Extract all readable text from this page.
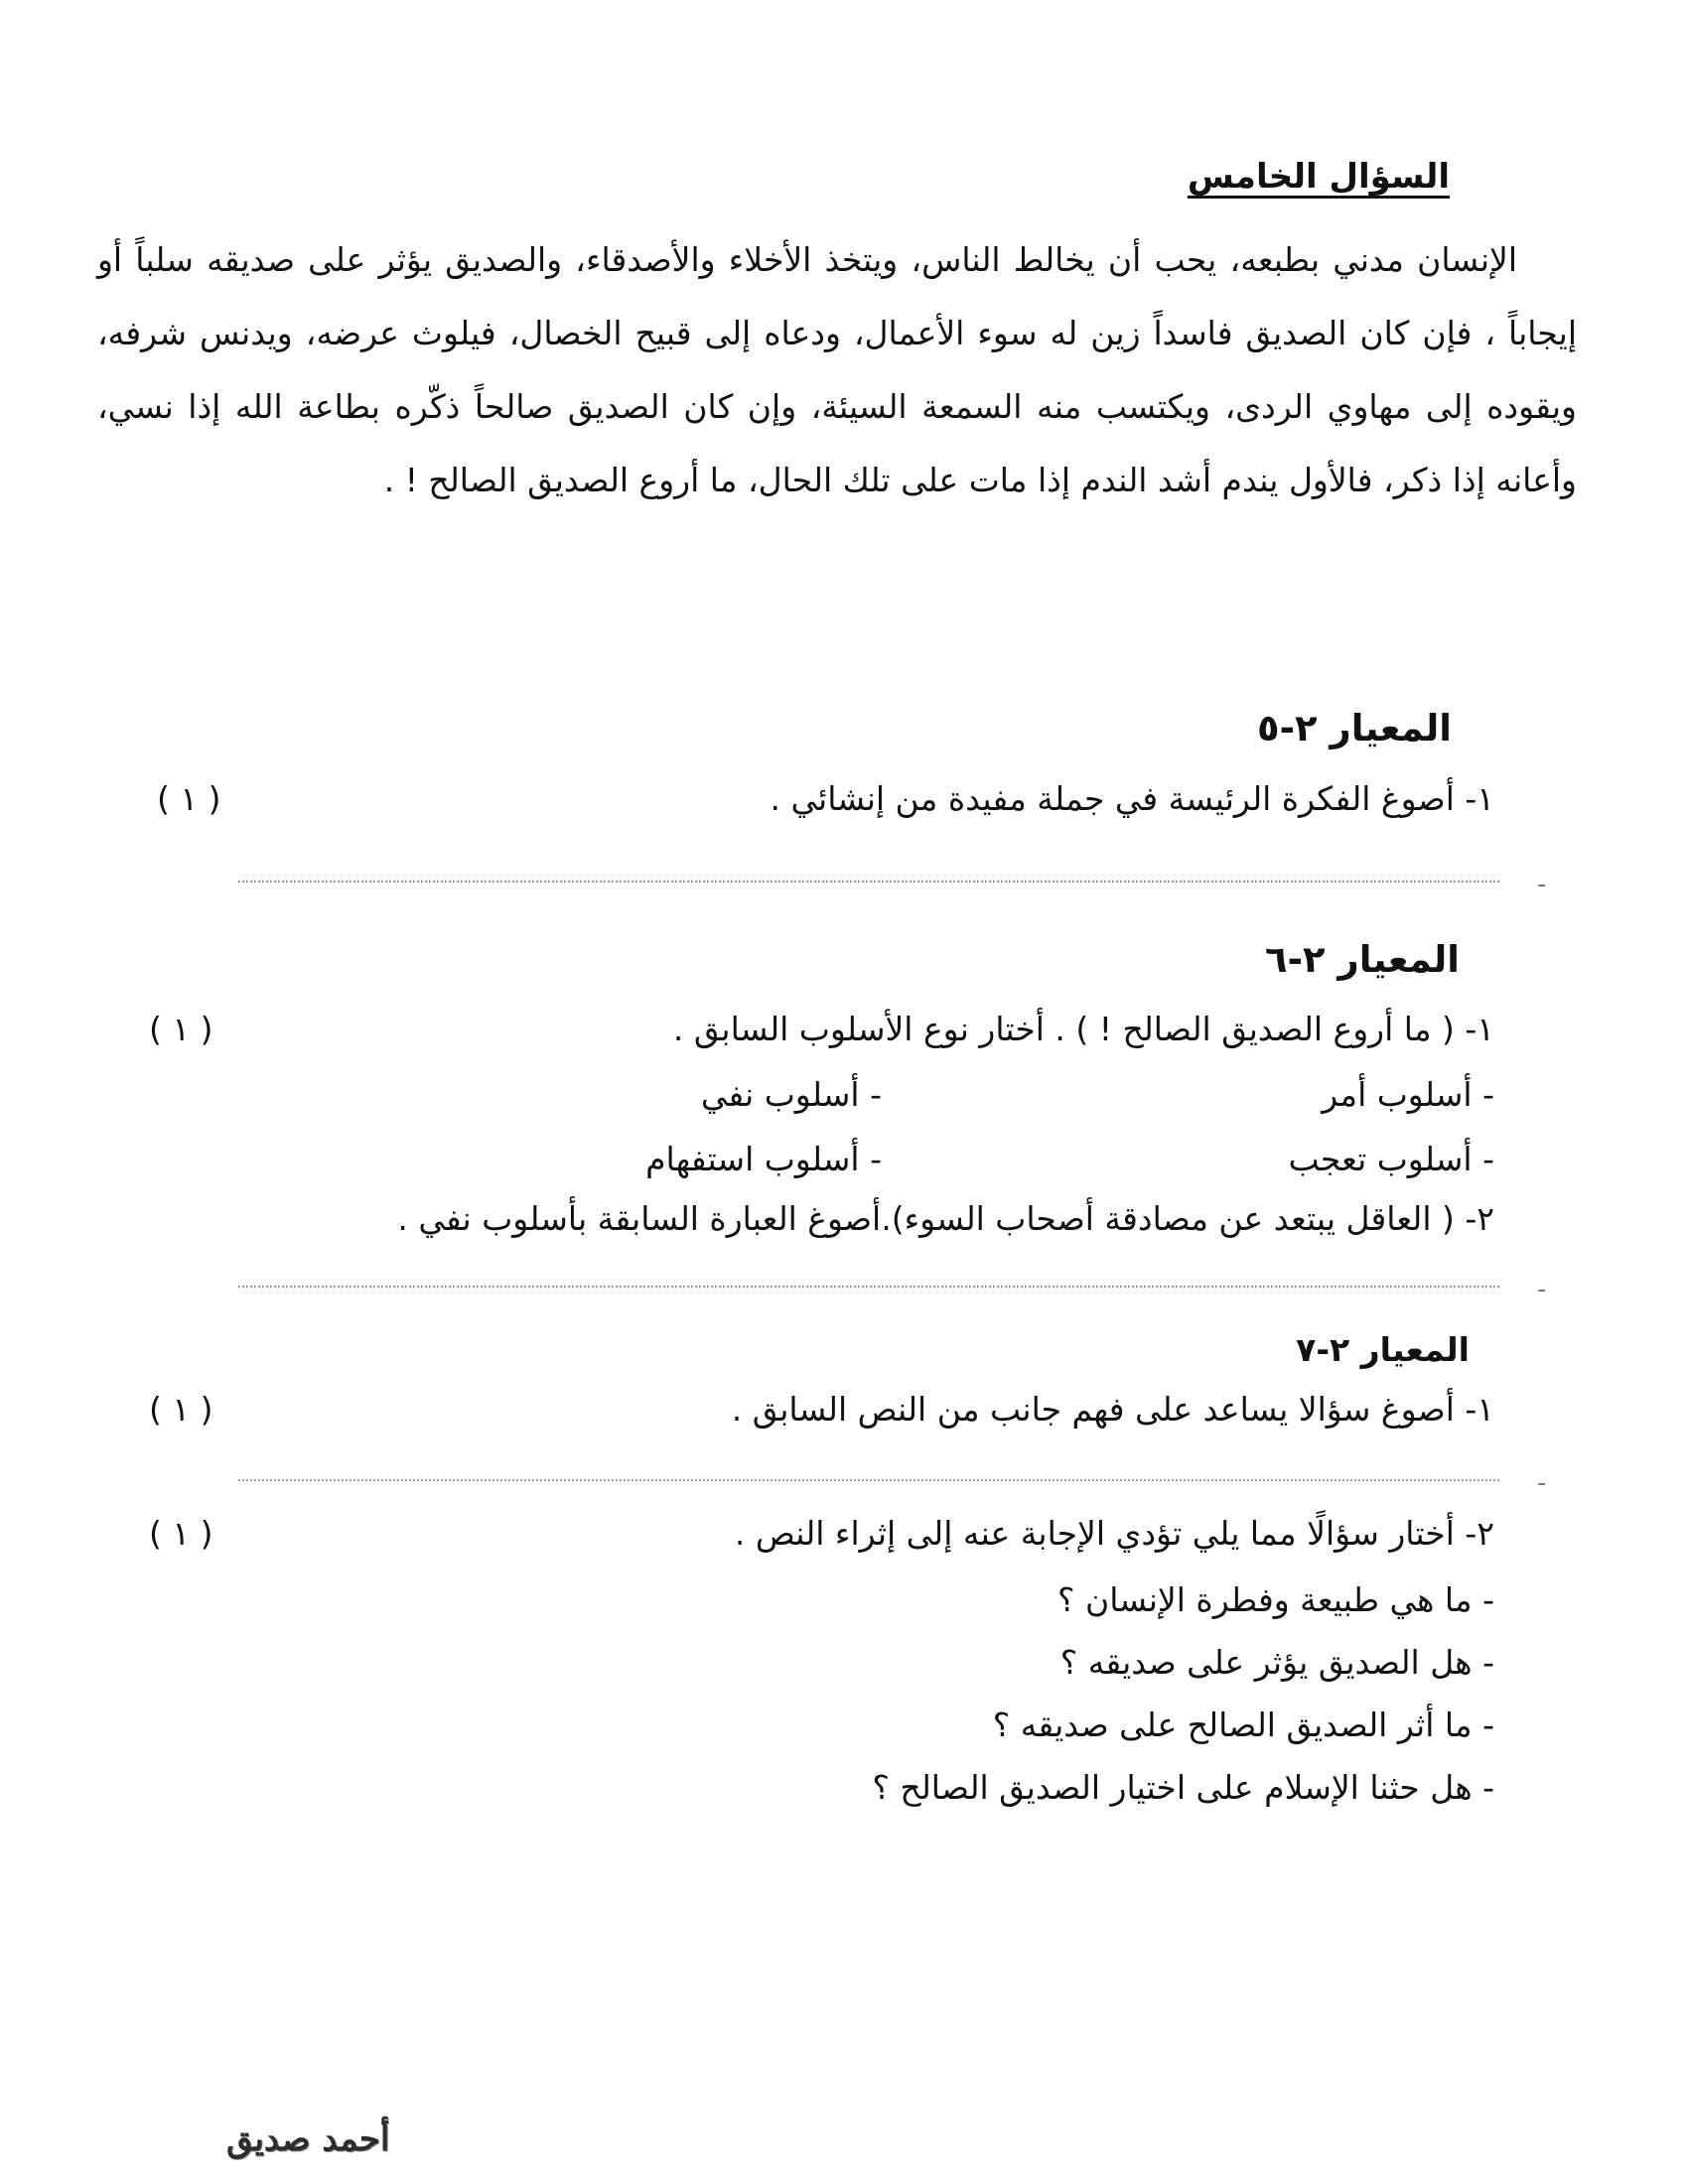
السؤال الخامس
الإنسان مدني بطبعه، يحب أن يخالط الناس، ويتخذ الأخلاء والأصدقاء، والصديق يؤثر على صديقه سلباً أو إيجاباً ، فإن كان الصديق فاسداً زين له سوء الأعمال، ودعاه إلى قبيح الخصال، فيلوث عرضه، ويدنس شرفه، ويقوده إلى مهاوي الردى، ويكتسب منه السمعة السيئة، وإن كان الصديق صالحاً ذكّره بطاعة الله إذا نسي، وأعانه إذا ذكر، فالأول يندم أشد الندم إذا مات على تلك الحال، ما أروع الصديق الصالح ! .
المعيار ٢-٥
١- أصوغ الفكرة الرئيسة في جملة مفيدة من إنشائي .
( ١ )
-
المعيار ٢-٦
١- ( ما أروع الصديق الصالح ! ) . أختار نوع الأسلوب السابق .
( ١ )
- أسلوب أمر
- أسلوب نفي
- أسلوب تعجب
- أسلوب استفهام
٢- ( العاقل يبتعد عن مصادقة أصحاب السوء).أصوغ العبارة السابقة بأسلوب نفي .
-
المعيار ٢-٧
١- أصوغ سؤالا يساعد على فهم جانب من النص السابق .
( ١ )
-
٢- أختار سؤالًا مما يلي تؤدي الإجابة عنه إلى إثراء النص .
( ١ )
- ما هي طبيعة وفطرة الإنسان ؟
- هل الصديق يؤثر على صديقه ؟
- ما أثر الصديق الصالح على صديقه ؟
- هل حثنا الإسلام على اختيار الصديق الصالح ؟
أحمد صديق
